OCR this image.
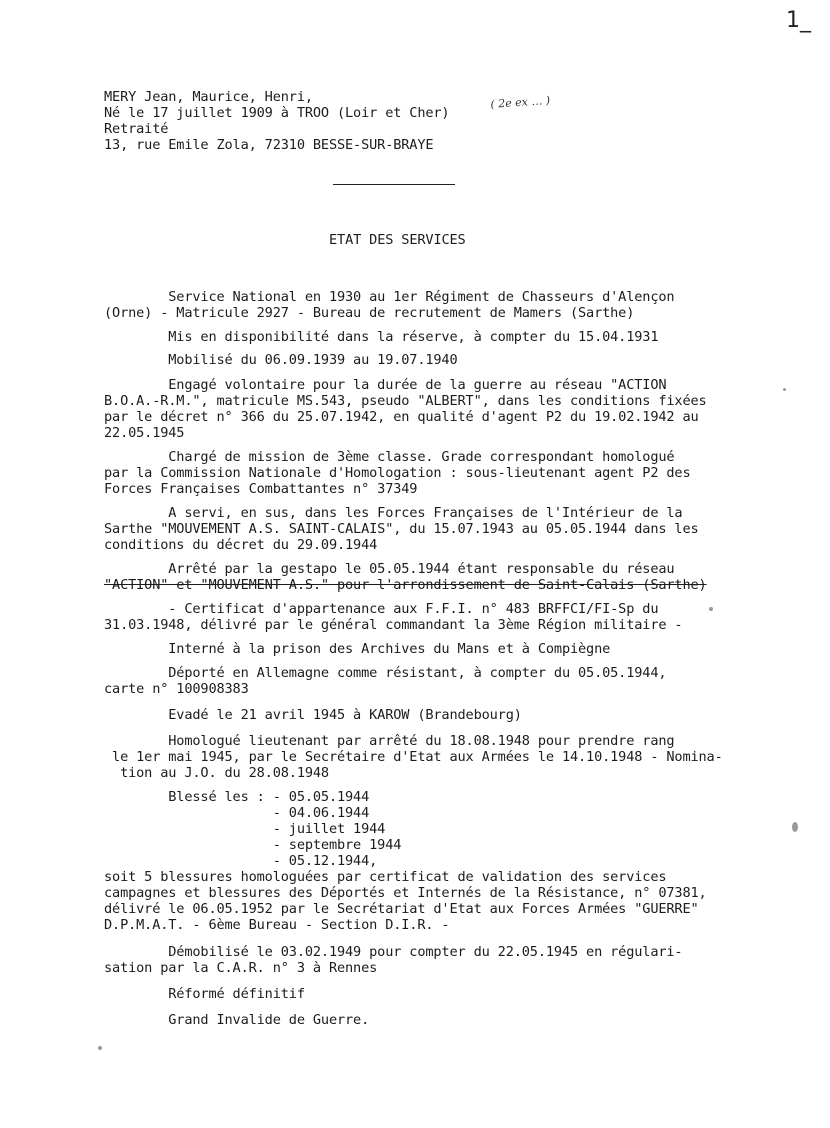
1_
MERY Jean, Maurice, Henri,
Né le 17 juillet 1909 à TROO (Loir et Cher)
Retraité
13, rue Emile Zola, 72310 BESSE-SUR-BRAYE
( 2e ex … )
ETAT DES SERVICES
Service National en 1930 au 1er Régiment de Chasseurs d'Alençon
(Orne) - Matricule 2927 - Bureau de recrutement de Mamers (Sarthe)
Mis en disponibilité dans la réserve, à compter du 15.04.1931
Mobilisé du 06.09.1939 au 19.07.1940
Engagé volontaire pour la durée de la guerre au réseau "ACTION
B.O.A.-R.M.", matricule MS.543, pseudo "ALBERT", dans les conditions fixées
par le décret n° 366 du 25.07.1942, en qualité d'agent P2 du 19.02.1942 au
22.05.1945
Chargé de mission de 3ème classe. Grade correspondant homologué
par la Commission Nationale d'Homologation : sous-lieutenant agent P2 des
Forces Françaises Combattantes n° 37349
A servi, en sus, dans les Forces Françaises de l'Intérieur de la
Sarthe "MOUVEMENT A.S. SAINT-CALAIS", du 15.07.1943 au 05.05.1944 dans les
conditions du décret du 29.09.1944
Arrêté par la gestapo le 05.05.1944 étant responsable du réseau
"ACTION" et "MOUVEMENT A.S." pour l'arrondissement de Saint-Calais (Sarthe)
- Certificat d'appartenance aux F.F.I. n° 483 BRFFCI/FI-Sp du
31.03.1948, délivré par le général commandant la 3ème Région militaire -
Interné à la prison des Archives du Mans et à Compiègne
Déporté en Allemagne comme résistant, à compter du 05.05.1944,
carte n° 100908383
Evadé le 21 avril 1945 à KAROW (Brandebourg)
Homologué lieutenant par arrêté du 18.08.1948 pour prendre rang
le 1er mai 1945, par le Secrétaire d'Etat aux Armées le 14.10.1948 - Nomina-
tion au J.O. du 28.08.1948
Blessé les : - 05.05.1944
- 04.06.1944
- juillet 1944
- septembre 1944
- 05.12.1944,
soit 5 blessures homologuées par certificat de validation des services
campagnes et blessures des Déportés et Internés de la Résistance, n° 07381,
délivré le 06.05.1952 par le Secrétariat d'Etat aux Forces Armées "GUERRE"
D.P.M.A.T. - 6ème Bureau - Section D.I.R. -
Démobilisé le 03.02.1949 pour compter du 22.05.1945 en régulari-
sation par la C.A.R. n° 3 à Rennes
Réformé définitif
Grand Invalide de Guerre.
